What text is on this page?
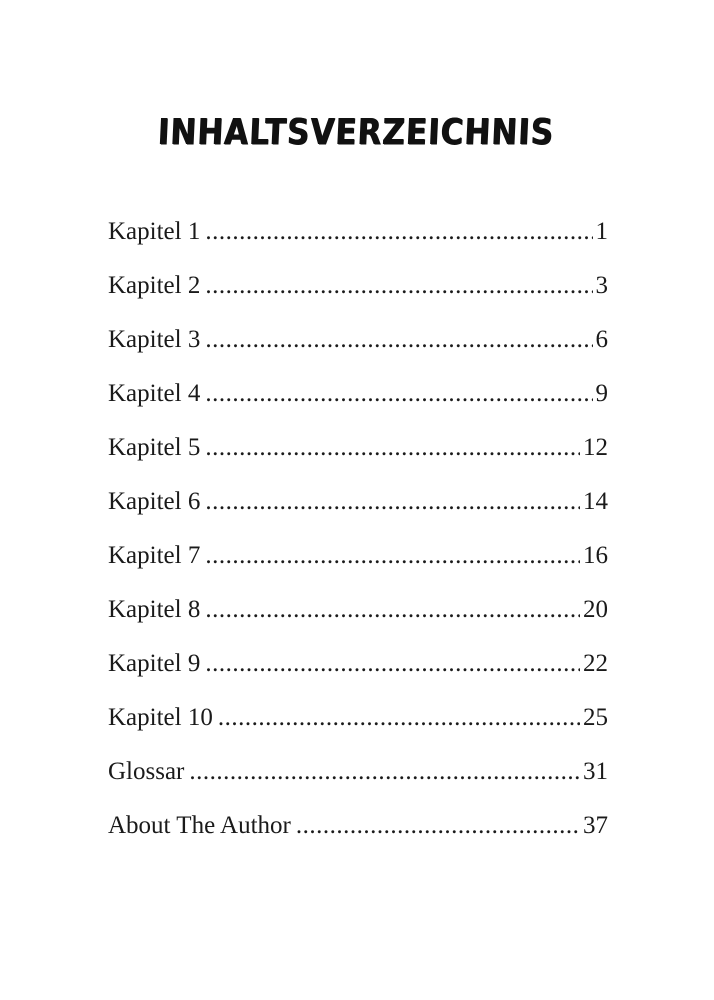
INHALTSVERZEICHNIS
Kapitel 1 .....	1
Kapitel 2 .....	3
Kapitel 3 .....	6
Kapitel 4 .....	9
Kapitel 5 .....	12
Kapitel 6 .....	14
Kapitel 7 .....	16
Kapitel 8 .....	20
Kapitel 9 .....	22
Kapitel 10 .....	25
Glossar .....	31
About The Author .....	37
